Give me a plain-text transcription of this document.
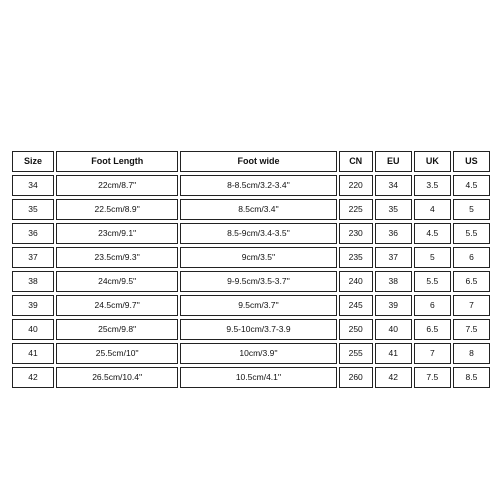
Size	Foot Length	Foot wide	CN	EU	UK	US
34	22cm/8.7''	8-8.5cm/3.2-3.4''	220	34	3.5	4.5
35	22.5cm/8.9''	8.5cm/3.4''	225	35	4	5
36	23cm/9.1''	8.5-9cm/3.4-3.5''	230	36	4.5	5.5
37	23.5cm/9.3''	9cm/3.5''	235	37	5	6
38	24cm/9.5''	9-9.5cm/3.5-3.7''	240	38	5.5	6.5
39	24.5cm/9.7''	9.5cm/3.7''	245	39	6	7
40	25cm/9.8''	9.5-10cm/3.7-3.9	250	40	6.5	7.5
41	25.5cm/10''	10cm/3.9''	255	41	7	8
42	26.5cm/10.4''	10.5cm/4.1''	260	42	7.5	8.5
